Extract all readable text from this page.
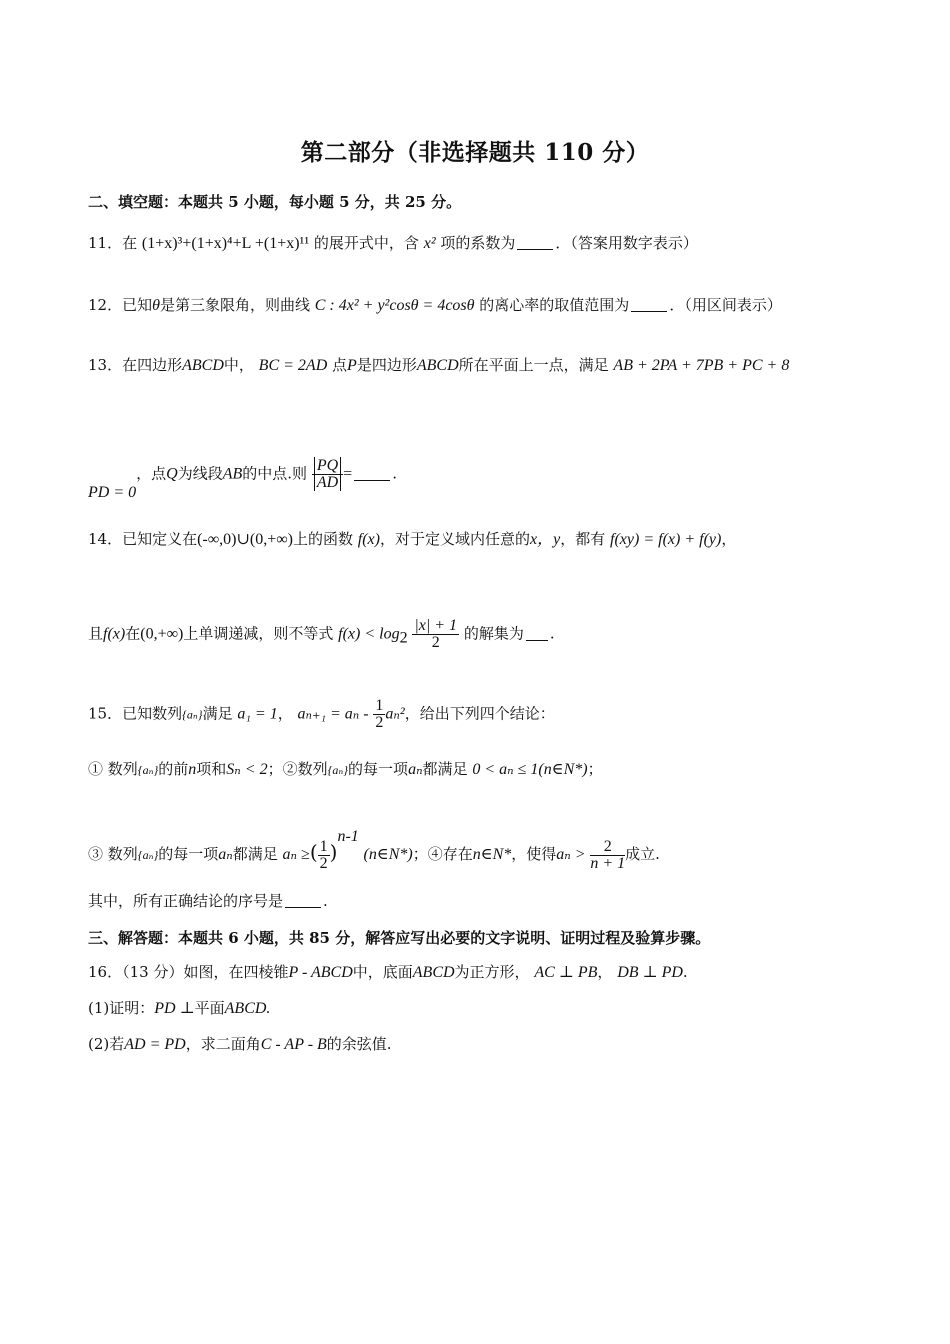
第二部分（非选择题共 110 分）
二、填空题：本题共 5 小题，每小题 5 分，共 25 分。
11．在 (1+x)³+(1+x)⁴+L +(1+x)¹¹ 的展开式中，含 x² 项的系数为	．（答案用数字表示）
12．已知θ是第三象限角，则曲线 C : 4x² + y²cosθ = 4cosθ 的离心率的取值范围为	．（用区间表示）
13．在四边形ABCD中， BC = 2AD 点P是四边形ABCD所在平面上一点，满足 AB + 2PA + 7PB + PC + 8
PD = 0，点Q为线段AB的中点.则 $\frac{PQ}{AD}$ =	.
14．已知定义在(-∞,0)∪(0,+∞)上的函数 f(x)，对于定义域内任意的x，y，都有 f(xy) = f(x) + f(y)，
且f(x)在(0,+∞)上单调递减，则不等式 $f(x) < \log_2 \frac{|x| + 1}{2}$ 的解集为 .
15．已知数列{aₙ}满足 a₁ = 1， $a_{n+1} = a_n - \frac{1}{2} a_n^2$，给出下列四个结论：
① 数列{aₙ}的前n项和Sₙ < 2；②数列{aₙ}的每一项aₙ都满足 0 < aₙ ≤ 1(n∈N*)；
③ 数列{aₙ}的每一项aₙ都满足 aₙ ≥( $\frac{1}{2} )^{n-1}$ (n∈N*)；④存在n∈N*，使得$a_n > \frac{2}{n + 1}$ 成立.
其中，所有正确结论的序号是	.
三、解答题：本题共 6 小题，共 85 分，解答应写出必要的文字说明、证明过程及验算步骤。
16．（13 分）如图，在四棱锥P - ABCD中，底面ABCD为正方形， AC ⊥ PB， DB ⊥ PD.
(1)证明：PD ⊥平面ABCD.
(2)若AD = PD，求二面角C - AP - B的余弦值.
